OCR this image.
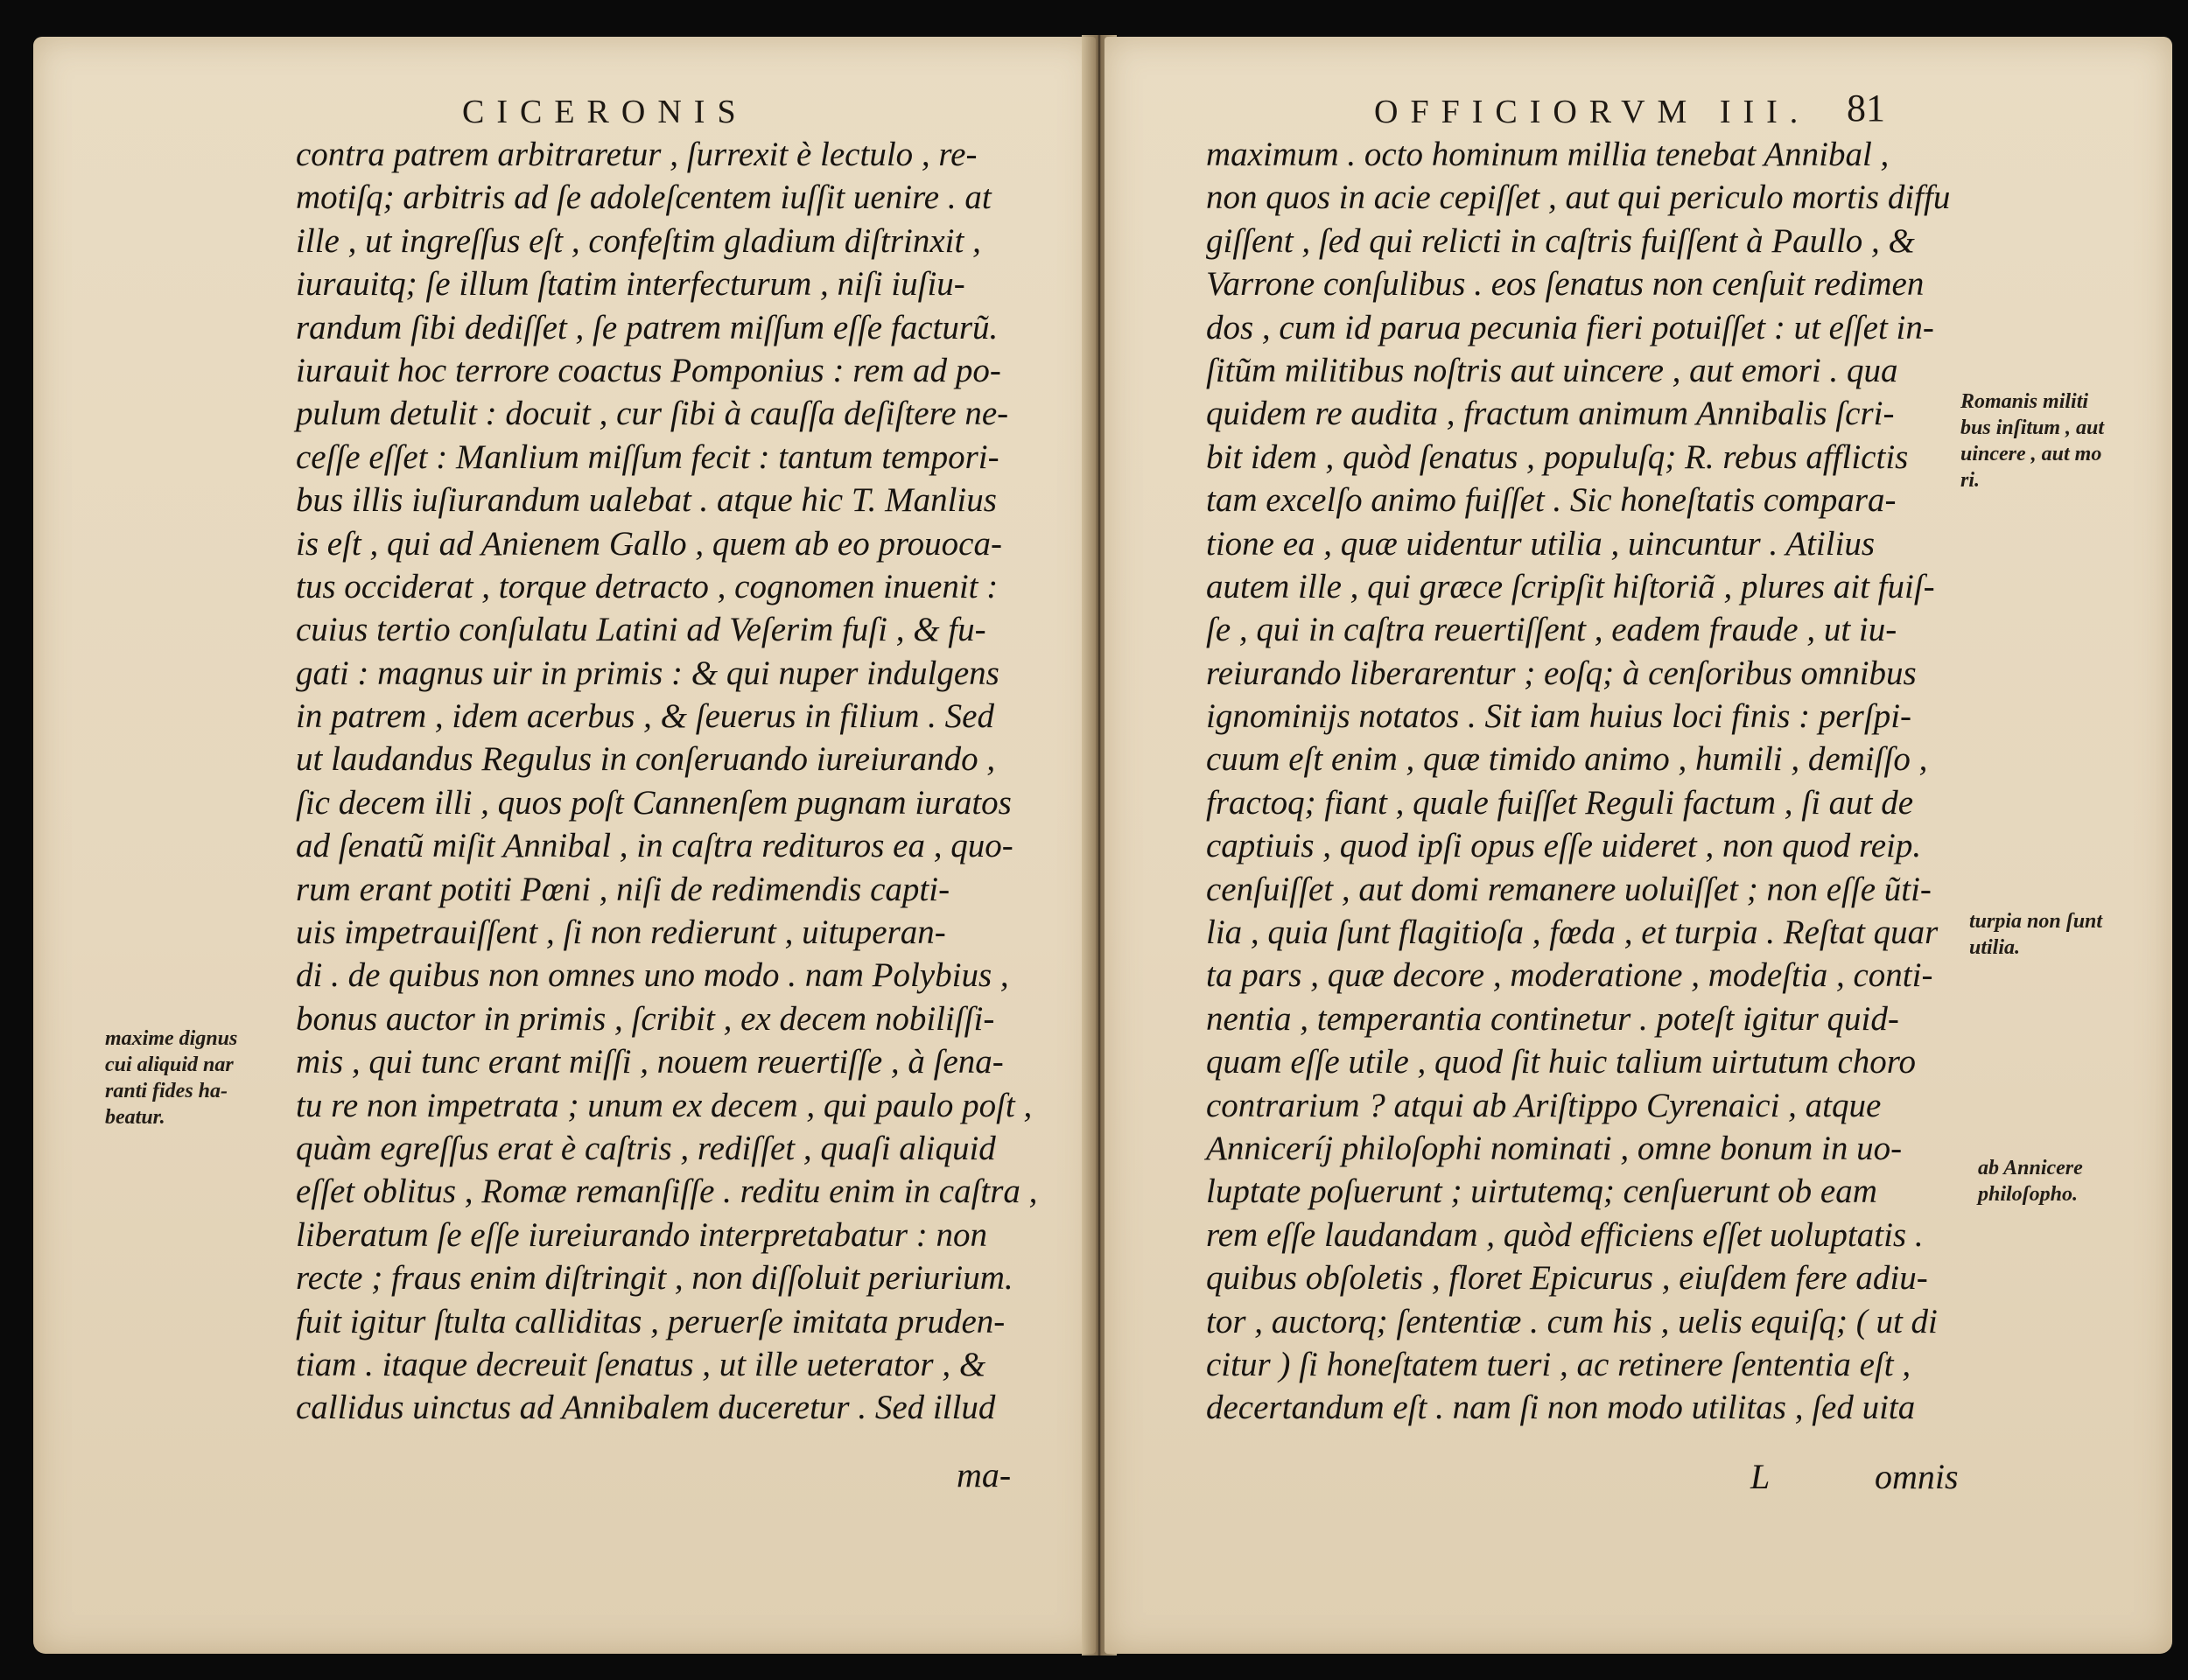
CICERONIS
contra patrem arbitraretur , ſurrexit è lectulo , re-
motiſq; arbitris ad ſe adoleſcentem iuſſit uenire . at
ille , ut ingreſſus eſt , confeſtim gladium diſtrinxit ,
iurauitq; ſe illum ſtatim interfecturum , niſi iuſiu-
randum ſibi dediſſet , ſe patrem miſſum eſſe facturũ.
iurauit hoc terrore coactus Pomponius : rem ad po-
pulum detulit : docuit , cur ſibi à cauſſa deſiſtere ne-
ceſſe eſſet : Manlium miſſum fecit : tantum tempori-
bus illis iuſiurandum ualebat . atque hic T. Manlius
is eſt , qui ad Anienem Gallo , quem ab eo prouoca-
tus occiderat , torque detracto , cognomen inuenit :
cuius tertio conſulatu Latini ad Veſerim fuſi , & fu-
gati : magnus uir in primis : & qui nuper indulgens
in patrem , idem acerbus , & ſeuerus in filium . Sed
ut laudandus Regulus in conſeruando iureiurando ,
ſic decem illi , quos poſt Cannenſem pugnam iuratos
ad ſenatũ miſit Annibal , in caſtra redituros ea , quo-
rum erant potiti Pœni , niſi de redimendis capti-
uis impetrauiſſent , ſi non redierunt , uituperan-
di . de quibus non omnes uno modo . nam Polybius ,
bonus auctor in primis , ſcribit , ex decem nobiliſſi-
mis , qui tunc erant miſſi , nouem reuertiſſe , à ſena-
tu re non impetrata ; unum ex decem , qui paulo poſt ,
quàm egreſſus erat è caſtris , rediſſet , quaſi aliquid
eſſet oblitus , Romæ remanſiſſe . reditu enim in caſtra ,
liberatum ſe eſſe iureiurando interpretabatur : non
recte ; fraus enim diſtringit , non diſſoluit periurium.
fuit igitur ſtulta calliditas , peruerſe imitata pruden-
tiam . itaque decreuit ſenatus , ut ille ueterator , &
callidus uinctus ad Annibalem duceretur . Sed illud
maxime dignus
cui aliquid nar
ranti fides ha-
beatur.
ma-
OFFICIORVM III. 81
maximum . octo hominum millia tenebat Annibal ,
non quos in acie cepiſſet , aut qui periculo mortis diffu
giſſent , ſed qui relicti in caſtris fuiſſent à Paullo , &
Varrone conſulibus . eos ſenatus non cenſuit redimen
dos , cum id parua pecunia fieri potuiſſet : ut eſſet in-
ſitũm militibus noſtris aut uincere , aut emori . qua
quidem re audita , fractum animum Annibalis ſcri-
bit idem , quòd ſenatus , populuſq; R. rebus afflictis
tam excelſo animo fuiſſet . Sic honeſtatis compara-
tione ea , quæ uidentur utilia , uincuntur . Atilius
autem ille , qui græce ſcripſit hiſtoriã , plures ait fuiſ-
ſe , qui in caſtra reuertiſſent , eadem fraude , ut iu-
reiurando liberarentur ; eoſq; à cenſoribus omnibus
ignominijs notatos . Sit iam huius loci finis : perſpi-
cuum eſt enim , quæ timido animo , humili , demiſſo ,
fractoq; fiant , quale fuiſſet Reguli factum , ſi aut de
captiuis , quod ipſi opus eſſe uideret , non quod reip.
cenſuiſſet , aut domi remanere uoluiſſet ; non eſſe ũti-
lia , quia ſunt flagitioſa , fœda , et turpia . Reſtat quar
ta pars , quæ decore , moderatione , modeſtia , conti-
nentia , temperantia continetur . poteſt igitur quid-
quam eſſe utile , quod ſit huic talium uirtutum choro
contrarium ? atqui ab Ariſtippo Cyrenaici , atque
Anniceríj philoſophi nominati , omne bonum in uo-
luptate poſuerunt ; uirtutemq; cenſuerunt ob eam
rem eſſe laudandam , quòd efficiens eſſet uoluptatis .
quibus obſoletis , floret Epicurus , eiuſdem fere adiu-
tor , auctorq; ſententiæ . cum his , uelis equiſq; ( ut di
citur ) ſi honeſtatem tueri , ac retinere ſententia eſt ,
decertandum eſt . nam ſi non modo utilitas , ſed uita
Romanis militi
bus inſitum , aut
uincere , aut mo
ri.
turpia non ſunt
utilia.
ab Annicere
philoſopho.
L	omnis
